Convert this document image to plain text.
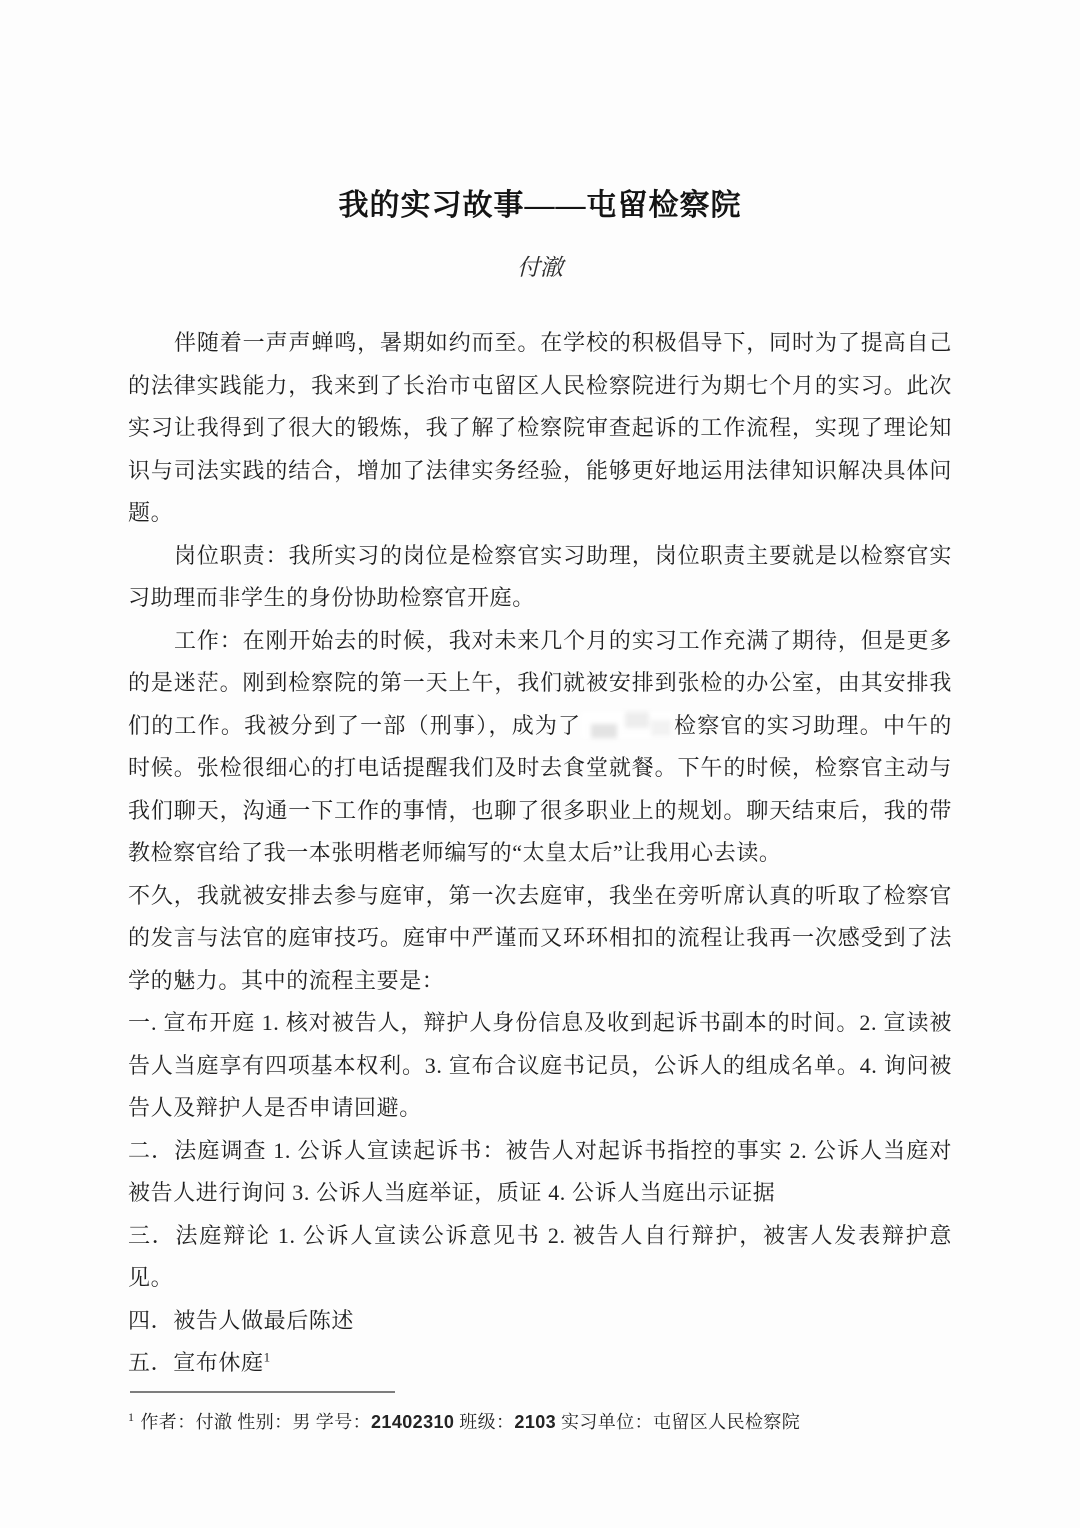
我的实习故事——屯留检察院
付澈

伴随着一声声蝉鸣，暑期如约而至。在学校的积极倡导下，同时为了提高自己的法律实践能力，我来到了长治市屯留区人民检察院进行为期七个月的实习。此次实习让我得到了很大的锻炼，我了解了检察院审查起诉的工作流程，实现了理论知识与司法实践的结合，增加了法律实务经验，能够更好地运用法律知识解决具体问题。

岗位职责：我所实习的岗位是检察官实习助理，岗位职责主要就是以检察官实习助理而非学生的身份协助检察官开庭。

工作：在刚开始去的时候，我对未来几个月的实习工作充满了期待，但是更多的是迷茫。刚到检察院的第一天上午，我们就被安排到张检的办公室，由其安排我们的工作。我被分到了一部（刑事），成为了	检察官的实习助理。中午的时候。张检很细心的打电话提醒我们及时去食堂就餐。下午的时候，检察官主动与我们聊天，沟通一下工作的事情，也聊了很多职业上的规划。聊天结束后，我的带教检察官给了我一本张明楷老师编写的“太皇太后”让我用心去读。

不久，我就被安排去参与庭审，第一次去庭审，我坐在旁听席认真的听取了检察官的发言与法官的庭审技巧。庭审中严谨而又环环相扣的流程让我再一次感受到了法学的魅力。其中的流程主要是：

一. 宣布开庭 1. 核对被告人，辩护人身份信息及收到起诉书副本的时间。2. 宣读被告人当庭享有四项基本权利。3. 宣布合议庭书记员，公诉人的组成名单。4. 询问被告人及辩护人是否申请回避。

二．法庭调查 1. 公诉人宣读起诉书：被告人对起诉书指控的事实 2. 公诉人当庭对被告人进行询问 3. 公诉人当庭举证，质证 4. 公诉人当庭出示证据

三．法庭辩论 1. 公诉人宣读公诉意见书 2. 被告人自行辩护，被害人发表辩护意见。

四．被告人做最后陈述

五．宣布休庭$^1$

$^1$ 作者：付澈 性别：男 学号：21402310 班级：2103 实习单位：屯留区人民检察院
